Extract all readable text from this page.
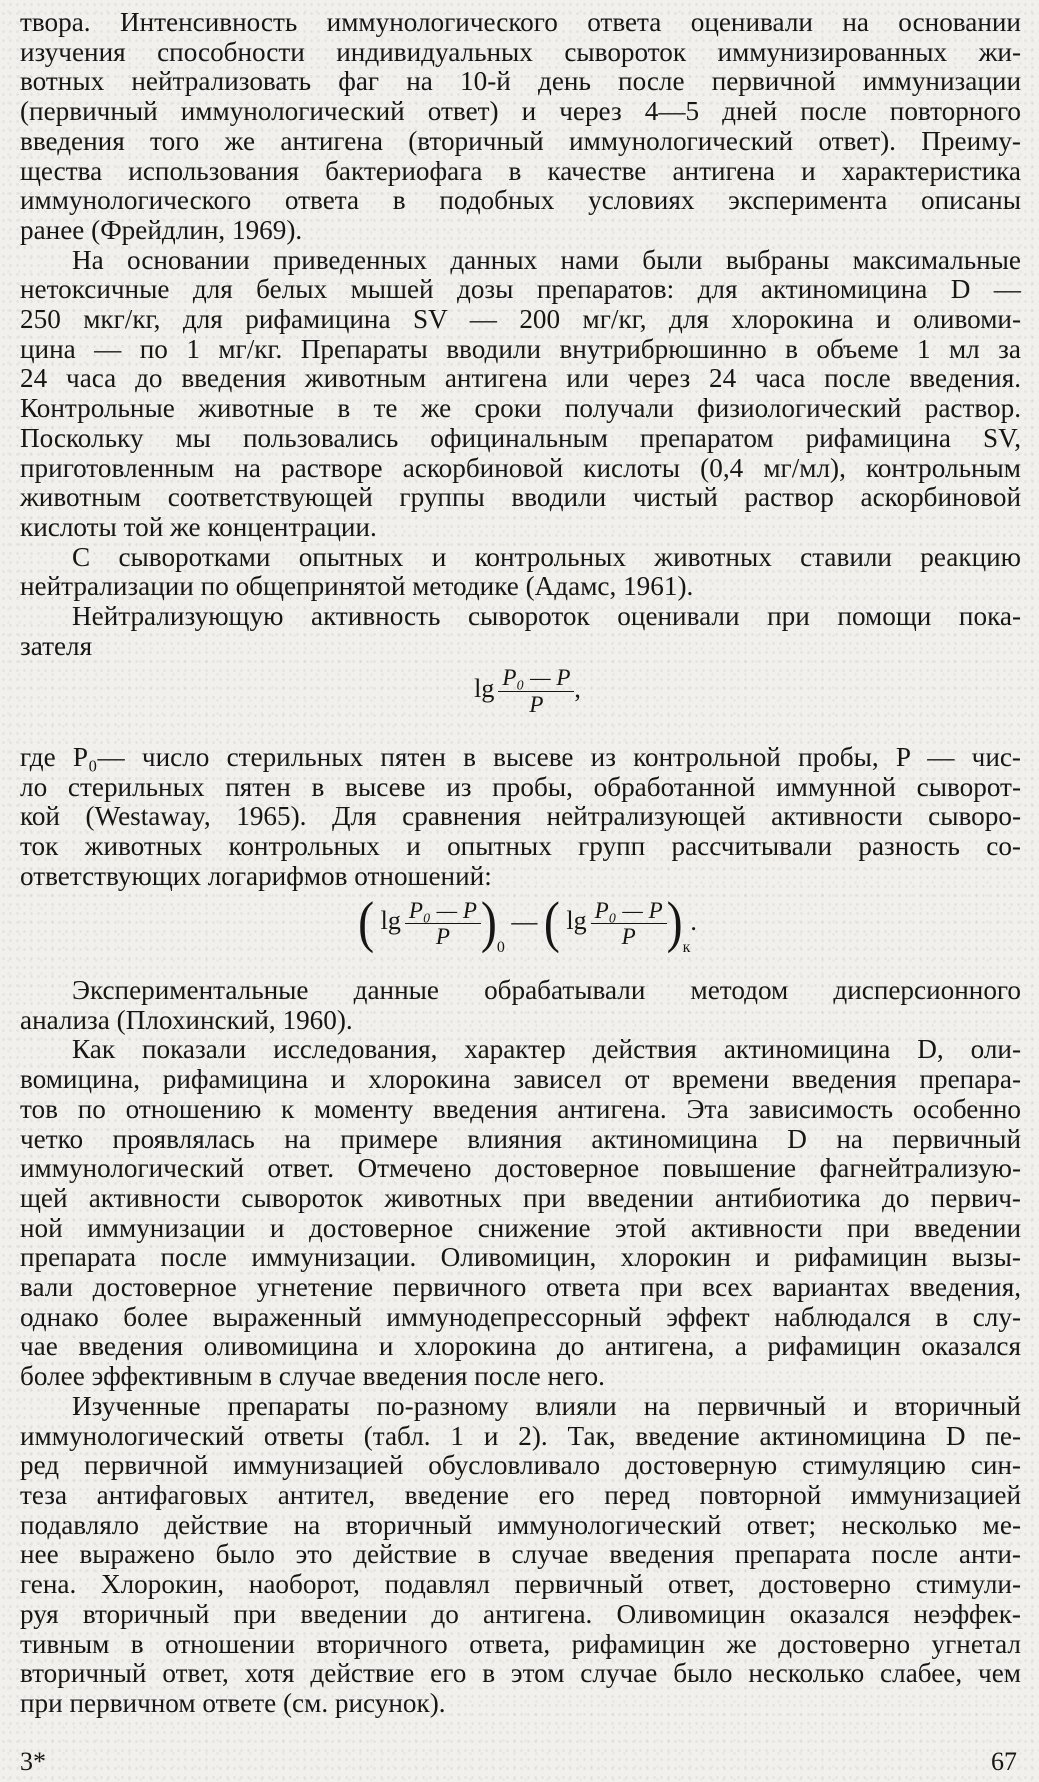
твора. Интенсивность иммунологического ответа оценивали на основании
изучения способности индивидуальных сывороток иммунизированных жи-
вотных нейтрализовать фаг на 10-й день после первичной иммунизации
(первичный иммунологический ответ) и через 4—5 дней после повторного
введения того же антигена (вторичный иммунологический ответ). Преиму-
щества использования бактериофага в качестве антигена и характеристика
иммунологического ответа в подобных условиях эксперимента описаны
ранее (Фрейдлин, 1969).

На основании приведенных данных нами были выбраны максимальные
нетоксичные для белых мышей дозы препаратов: для актиномицина D —
250 мкг/кг, для рифамицина SV — 200 мг/кг, для хлорокина и оливоми-
цина — по 1 мг/кг. Препараты вводили внутрибрюшинно в объеме 1 мл за
24 часа до введения животным антигена или через 24 часа после введения.
Контрольные животные в те же сроки получали физиологический раствор.
Поскольку мы пользовались официнальным препаратом рифамицина SV,
приготовленным на растворе аскорбиновой кислоты (0,4 мг/мл), контрольным
животным соответствующей группы вводили чистый раствор аскорбиновой
кислоты той же концентрации.

С сыворотками опытных и контрольных животных ставили реакцию
нейтрализации по общепринятой методике (Адамс, 1961).

Нейтрализующую активность сывороток оценивали при помощи пока-
зателя

$\lg \frac{\text{P₀ — P}}{P}$ ,

где P₀— число стерильных пятен в высеве из контрольной пробы, P — чис-
ло стерильных пятен в высеве из пробы, обработанной иммунной сыворот-
кой (Westaway, 1965). Для сравнения нейтрализующей активности сыворо-
ток животных контрольных и опытных групп рассчитывали разность со-
ответствующих логарифмов отношений:

( $\lg \frac{\text{P₀ — P}}{P} )_0$ — ( $\lg \frac{\text{P₀ — P}}{P} )_к$.

Экспериментальные данные обрабатывали методом дисперсионного
анализа (Плохинский, 1960).

Как показали исследования, характер действия актиномицина D, оли-
вомицина, рифамицина и хлорокина зависел от времени введения препара-
тов по отношению к моменту введения антигена. Эта зависимость особенно
четко проявлялась на примере влияния актиномицина D на первичный
иммунологический ответ. Отмечено достоверное повышение фагнейтрализую-
щей активности сывороток животных при введении антибиотика до первич-
ной иммунизации и достоверное снижение этой активности при введении
препарата после иммунизации. Оливомицин, хлорокин и рифамицин вызы-
вали достоверное угнетение первичного ответа при всех вариантах введения,
однако более выраженный иммунодепрессорный эффект наблюдался в слу-
чае введения оливомицина и хлорокина до антигена, а рифамицин оказался
более эффективным в случае введения после него.

Изученные препараты по-разному влияли на первичный и вторичный
иммунологический ответы (табл. 1 и 2). Так, введение актиномицина D пе-
ред первичной иммунизацией обусловливало достоверную стимуляцию син-
теза антифаговых антител, введение его перед повторной иммунизацией
подавляло действие на вторичный иммунологический ответ; несколько ме-
нее выражено было это действие в случае введения препарата после анти-
гена. Хлорокин, наоборот, подавлял первичный ответ, достоверно стимули-
руя вторичный при введении до антигена. Оливомицин оказался неэффек-
тивным в отношении вторичного ответа, рифамицин же достоверно угнетал
вторичный ответ, хотя действие его в этом случае было несколько слабее, чем
при первичном ответе (см. рисунок).

3*	67
